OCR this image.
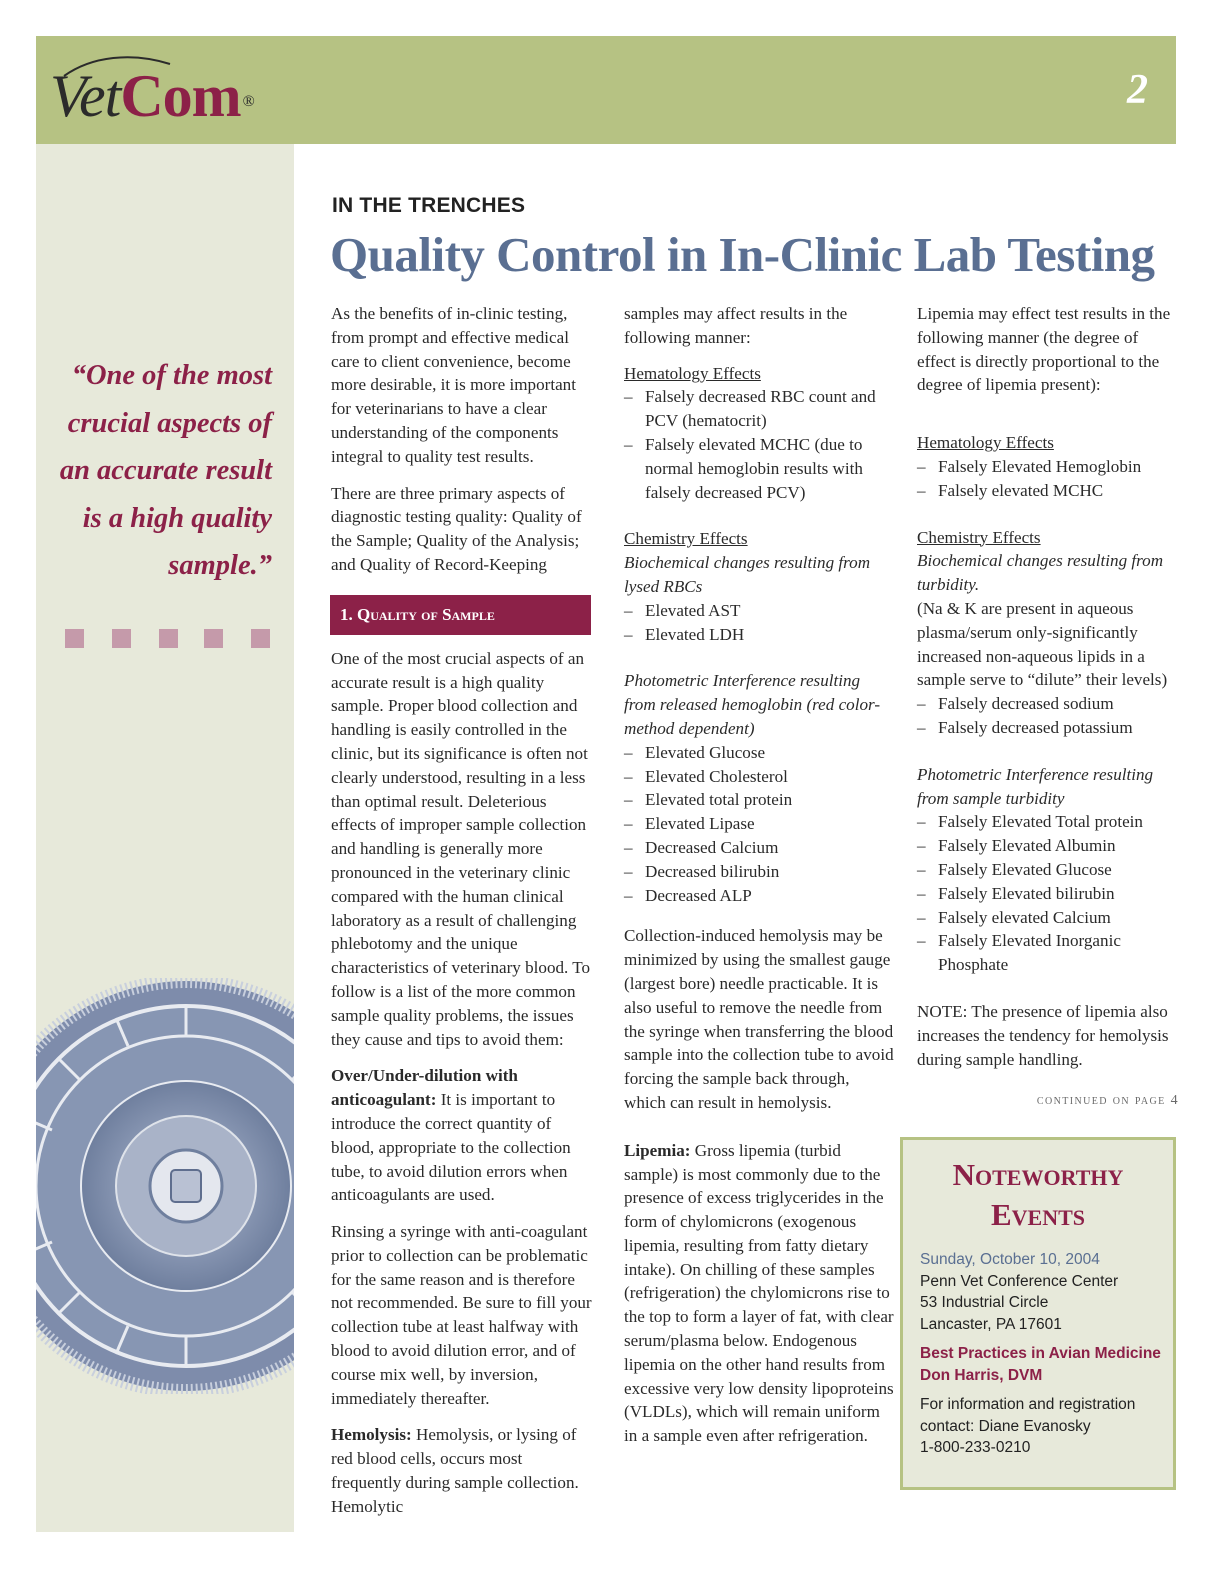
VetCom ®	2
“One of the most crucial aspects of an accurate result is a high quality sample.”
IN THE TRENCHES
Quality Control in In-Clinic Lab Testing

As the benefits of in-clinic testing, from prompt and effective medical care to client convenience, become more desirable, it is more important for veterinarians to have a clear understanding of the components integral to quality test results.

There are three primary aspects of diagnostic testing quality: Quality of the Sample; Quality of the Analysis; and Quality of Record-Keeping

1. Quality of Sample

One of the most crucial aspects of an accurate result is a high quality sample. Proper blood collection and handling is easily controlled in the clinic, but its significance is often not clearly understood, resulting in a less than optimal result. Deleterious effects of improper sample collection and handling is generally more pronounced in the veterinary clinic compared with the human clinical laboratory as a result of challenging phlebotomy and the unique characteristics of veterinary blood. To follow is a list of the more common sample quality problems, the issues they cause and tips to avoid them:

Over/Under-dilution with anticoagulant: It is important to introduce the correct quantity of blood, appropriate to the collection tube, to avoid dilution errors when anticoagulants are used.

Rinsing a syringe with anti-coagulant prior to collection can be problematic for the same reason and is therefore not recommended. Be sure to fill your collection tube at least halfway with blood to avoid dilution error, and of course mix well, by inversion, immediately thereafter.

Hemolysis: Hemolysis, or lysing of red blood cells, occurs most frequently during sample collection. Hemolytic

samples may affect results in the following manner:

Hematology Effects
– Falsely decreased RBC count and PCV (hematocrit)
– Falsely elevated MCHC (due to normal hemoglobin results with falsely decreased PCV)
Chemistry Effects
Biochemical changes resulting from lysed RBCs
– Elevated AST
– Elevated LDH
Photometric Interference resulting from released hemoglobin (red color-method dependent)
– Elevated Glucose
– Elevated Cholesterol
– Elevated total protein
– Elevated Lipase
– Decreased Calcium
– Decreased bilirubin
– Decreased ALP

Collection-induced hemolysis may be minimized by using the smallest gauge (largest bore) needle practicable. It is also useful to remove the needle from the syringe when transferring the blood sample into the collection tube to avoid forcing the sample back through, which can result in hemolysis.

Lipemia: Gross lipemia (turbid sample) is most commonly due to the presence of excess triglycerides in the form of chylomicrons (exogenous lipemia, resulting from fatty dietary intake). On chilling of these samples (refrigeration) the chylomicrons rise to the top to form a layer of fat, with clear serum/plasma below. Endogenous lipemia on the other hand results from excessive very low density lipoproteins (VLDLs), which will remain uniform in a sample even after refrigeration.

Lipemia may effect test results in the following manner (the degree of effect is directly proportional to the degree of lipemia present):

Hematology Effects
– Falsely Elevated Hemoglobin
– Falsely elevated MCHC
Chemistry Effects
Biochemical changes resulting from turbidity.
(Na & K are present in aqueous plasma/serum only-significantly increased non-aqueous lipids in a sample serve to “dilute” their levels)
– Falsely decreased sodium
– Falsely decreased potassium
Photometric Interference resulting from sample turbidity
– Falsely Elevated Total protein
– Falsely Elevated Albumin
– Falsely Elevated Glucose
– Falsely Elevated bilirubin
– Falsely elevated Calcium
– Falsely Elevated Inorganic Phosphate

NOTE: The presence of lipemia also increases the tendency for hemolysis during sample handling.

continued on page 4
Noteworthy
Events

Sunday, October 10, 2004
Penn Vet Conference Center
53 Industrial Circle
Lancaster, PA 17601

Best Practices in Avian Medicine
Don Harris, DVM

For information and registration
contact: Diane Evanosky
1-800-233-0210
